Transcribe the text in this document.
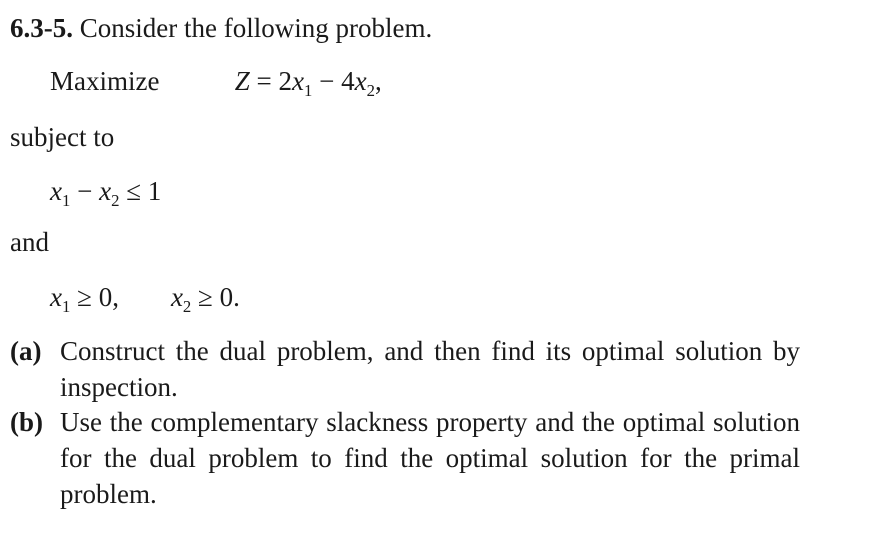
6.3-5. Consider the following problem.
Maximize	$Z = 2x_1 - 4x_2$,
subject to
$x_1 - x_2 \le 1$
and
$x_1 \ge 0$, $x_2 \ge 0$.
(a) Construct the dual problem, and then find its optimal solution by inspection.
(b) Use the complementary slackness property and the optimal solution for the dual problem to find the optimal solution for the primal problem.
